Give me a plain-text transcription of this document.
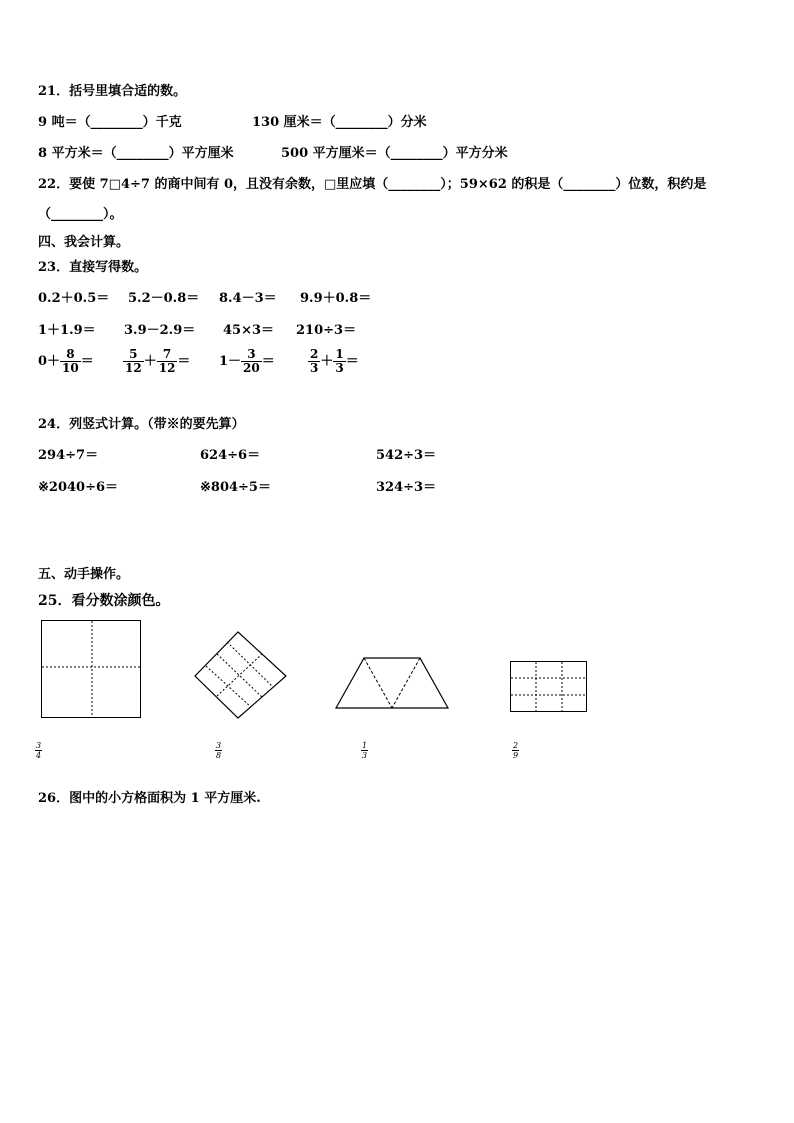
21．括号里填合适的数。
9 吨＝（________）千克	130 厘米＝（________）分米
8 平方米＝（________）平方厘米	500 平方厘米＝（________）平方分米
22．要使 7□4÷7 的商中间有 0，且没有余数，□里应填（________）；59×62 的积是（________）位数，积约是
（________）。
四、我会计算。
23．直接写得数。
0.2＋0.5＝ 5.2－0.8＝ 8.4－3＝ 9.9＋0.8＝
1＋1.9＝ 3.9－2.9＝ 45×3＝ 210÷3＝
$0+ \frac{8}{10} = \frac{5}{12} + \frac{7}{12} = 1- \frac{3}{20}$ ＝	$\frac{2}{3} + \frac{1}{3}$ ＝
24．列竖式计算。（带※的要先算）
294÷7＝	624÷6＝	542÷3＝
※2040÷6＝	※804÷5＝	324÷3＝
五、动手操作。
25．看分数涂颜色。
3
4
3
8
1
3
2
9
26．图中的小方格面积为 1 平方厘米.
